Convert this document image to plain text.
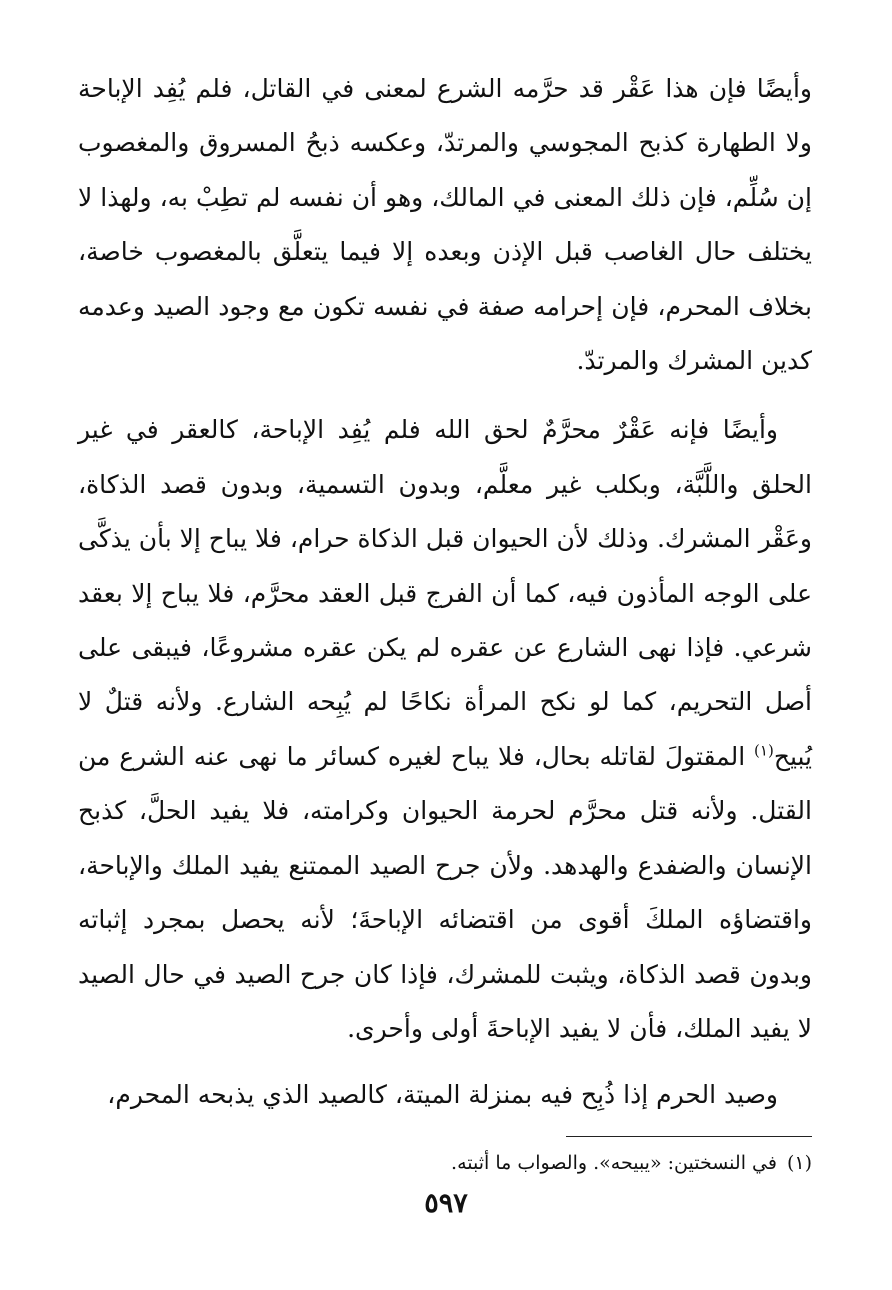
وأيضًا فإن هذا عَقْر قد حرَّمه الشرع لمعنى في القاتل، فلم يُفِد الإباحة ولا الطهارة كذبح المجوسي والمرتدّ، وعكسه ذبحُ المسروق والمغصوب إن سُلِّم، فإن ذلك المعنى في المالك، وهو أن نفسه لم تطِبْ به، ولهذا لا يختلف حال الغاصب قبل الإذن وبعده إلا فيما يتعلَّق بالمغصوب خاصة، بخلاف المحرم، فإن إحرامه صفة في نفسه تكون مع وجود الصيد وعدمه كدين المشرك والمرتدّ.

وأيضًا فإنه عَقْرٌ محرَّمٌ لحق الله فلم يُفِد الإباحة، كالعقر في غير الحلق واللَّبَّة، وبكلب غير معلَّم، وبدون التسمية، وبدون قصد الذكاة، وعَقْر المشرك. وذلك لأن الحيوان قبل الذكاة حرام، فلا يباح إلا بأن يذكَّى على الوجه المأذون فيه، كما أن الفرج قبل العقد محرَّم، فلا يباح إلا بعقد شرعي. فإذا نهى الشارع عن عقره لم يكن عقره مشروعًا، فيبقى على أصل التحريم، كما لو نكح المرأة نكاحًا لم يُبِحه الشارع. ولأنه قتلٌ لا يُبيح$^{(١)}$ المقتولَ لقاتله بحال، فلا يباح لغيره كسائر ما نهى عنه الشرع من القتل. ولأنه قتل محرَّم لحرمة الحيوان وكرامته، فلا يفيد الحلَّ، كذبح الإنسان والضفدع والهدهد. ولأن جرح الصيد الممتنع يفيد الملك والإباحة، واقتضاؤه الملكَ أقوى من اقتضائه الإباحةَ؛ لأنه يحصل بمجرد إثباته وبدون قصد الذكاة، ويثبت للمشرك، فإذا كان جرح الصيد في حال الصيد لا يفيد الملك، فأن لا يفيد الإباحةَ أولى وأحرى.

وصيد الحرم إذا ذُبِح فيه بمنزلة الميتة، كالصيد الذي يذبحه المحرم،

(١)في النسختين: «يبيحه». والصواب ما أثبته.

٥٩٧
